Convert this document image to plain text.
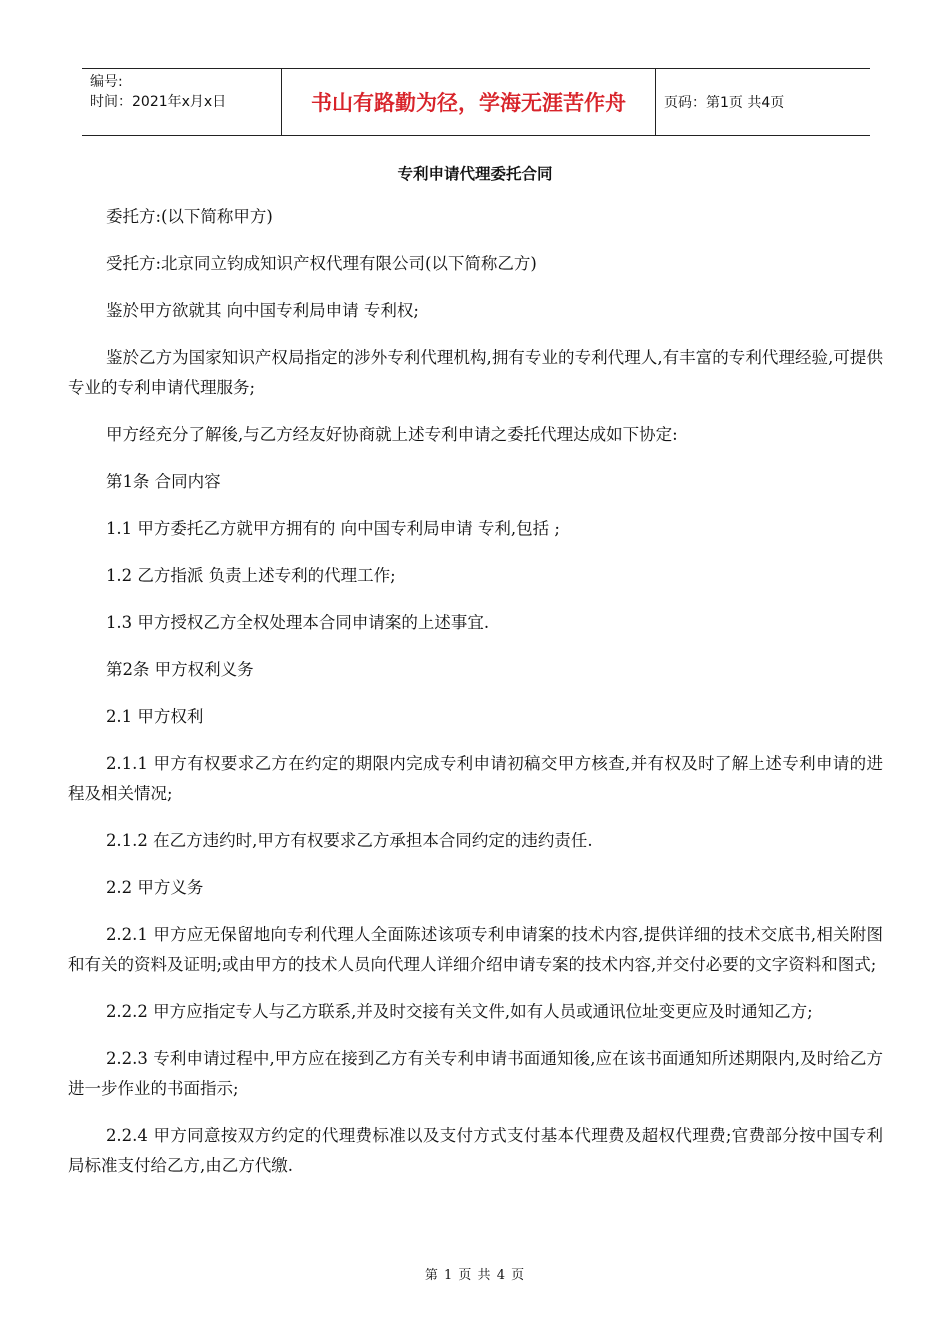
编号:
时间：2021年x月x日	书山有路勤为径，学海无涯苦作舟	页码：第1页 共4页
专利申请代理委托合同

委托方:(以下简称甲方)

受托方:北京同立钧成知识产权代理有限公司(以下简称乙方)

鉴於甲方欲就其 向中国专利局申请 专利权;

鉴於乙方为国家知识产权局指定的涉外专利代理机构,拥有专业的专利代理人,有丰富的专利代理经验,可提供专业的专利申请代理服务;

甲方经充分了解後,与乙方经友好协商就上述专利申请之委托代理达成如下协定:

第1条 合同内容

1.1 甲方委托乙方就甲方拥有的 向中国专利局申请 专利,包括 ;

1.2 乙方指派 负责上述专利的代理工作;

1.3 甲方授权乙方全权处理本合同申请案的上述事宜.

第2条 甲方权利义务

2.1 甲方权利

2.1.1 甲方有权要求乙方在约定的期限内完成专利申请初稿交甲方核查,并有权及时了解上述专利申请的进程及相关情况;

2.1.2 在乙方违约时,甲方有权要求乙方承担本合同约定的违约责任.

2.2 甲方义务

2.2.1 甲方应无保留地向专利代理人全面陈述该项专利申请案的技术内容,提供详细的技术交底书,相关附图和有关的资料及证明;或由甲方的技术人员向代理人详细介绍申请专案的技术内容,并交付必要的文字资料和图式;

2.2.2 甲方应指定专人与乙方联系,并及时交接有关文件,如有人员或通讯位址变更应及时通知乙方;

2.2.3 专利申请过程中,甲方应在接到乙方有关专利申请书面通知後,应在该书面通知所述期限内,及时给乙方进一步作业的书面指示;

2.2.4 甲方同意按双方约定的代理费标准以及支付方式支付基本代理费及超权代理费;官费部分按中国专利局标准支付给乙方,由乙方代缴.

第 1 页 共 4 页
